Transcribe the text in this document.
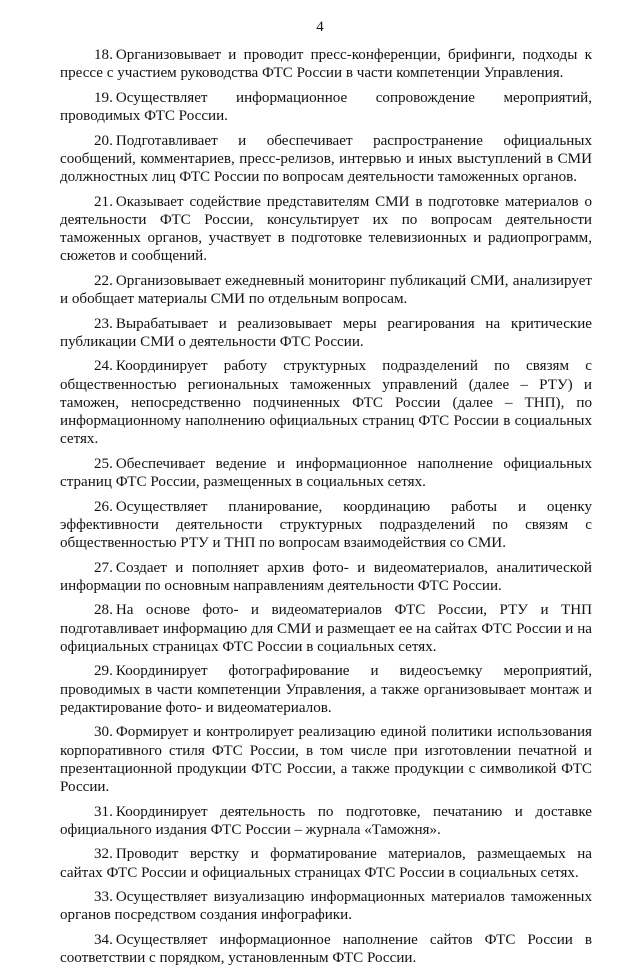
4

18. Организовывает и проводит пресс-конференции, брифинги, подходы к прессе с участием руководства ФТС России в части компетенции Управления.

19. Осуществляет информационное сопровождение мероприятий, проводимых ФТС России.

20. Подготавливает и обеспечивает распространение официальных сообщений, комментариев, пресс-релизов, интервью и иных выступлений в СМИ должностных лиц ФТС России по вопросам деятельности таможенных органов.

21. Оказывает содействие представителям СМИ в подготовке материалов о деятельности ФТС России, консультирует их по вопросам деятельности таможенных органов, участвует в подготовке телевизионных и радиопрограмм, сюжетов и сообщений.

22. Организовывает ежедневный мониторинг публикаций СМИ, анализирует и обобщает материалы СМИ по отдельным вопросам.

23. Вырабатывает и реализовывает меры реагирования на критические публикации СМИ о деятельности ФТС России.

24. Координирует работу структурных подразделений по связям с общественностью региональных таможенных управлений (далее – РТУ) и таможен, непосредственно подчиненных ФТС России (далее – ТНП), по информационному наполнению официальных страниц ФТС России в социальных сетях.

25. Обеспечивает ведение и информационное наполнение официальных страниц ФТС России, размещенных в социальных сетях.

26. Осуществляет планирование, координацию работы и оценку эффективности деятельности структурных подразделений по связям с общественностью РТУ и ТНП по вопросам взаимодействия со СМИ.

27. Создает и пополняет архив фото- и видеоматериалов, аналитической информации по основным направлениям деятельности ФТС России.

28. На основе фото- и видеоматериалов ФТС России, РТУ и ТНП подготавливает информацию для СМИ и размещает ее на сайтах ФТС России и на официальных страницах ФТС России в социальных сетях.

29. Координирует фотографирование и видеосъемку мероприятий, проводимых в части компетенции Управления, а также организовывает монтаж и редактирование фото- и видеоматериалов.

30. Формирует и контролирует реализацию единой политики использования корпоративного стиля ФТС России, в том числе при изготовлении печатной и презентационной продукции ФТС России, а также продукции с символикой ФТС России.

31. Координирует деятельность по подготовке, печатанию и доставке официального издания ФТС России – журнала «Таможня».

32. Проводит верстку и форматирование материалов, размещаемых на сайтах ФТС России и официальных страницах ФТС России в социальных сетях.

33. Осуществляет визуализацию информационных материалов таможенных органов посредством создания инфографики.

34. Осуществляет информационное наполнение сайтов ФТС России в соответствии с порядком, установленным ФТС России.
